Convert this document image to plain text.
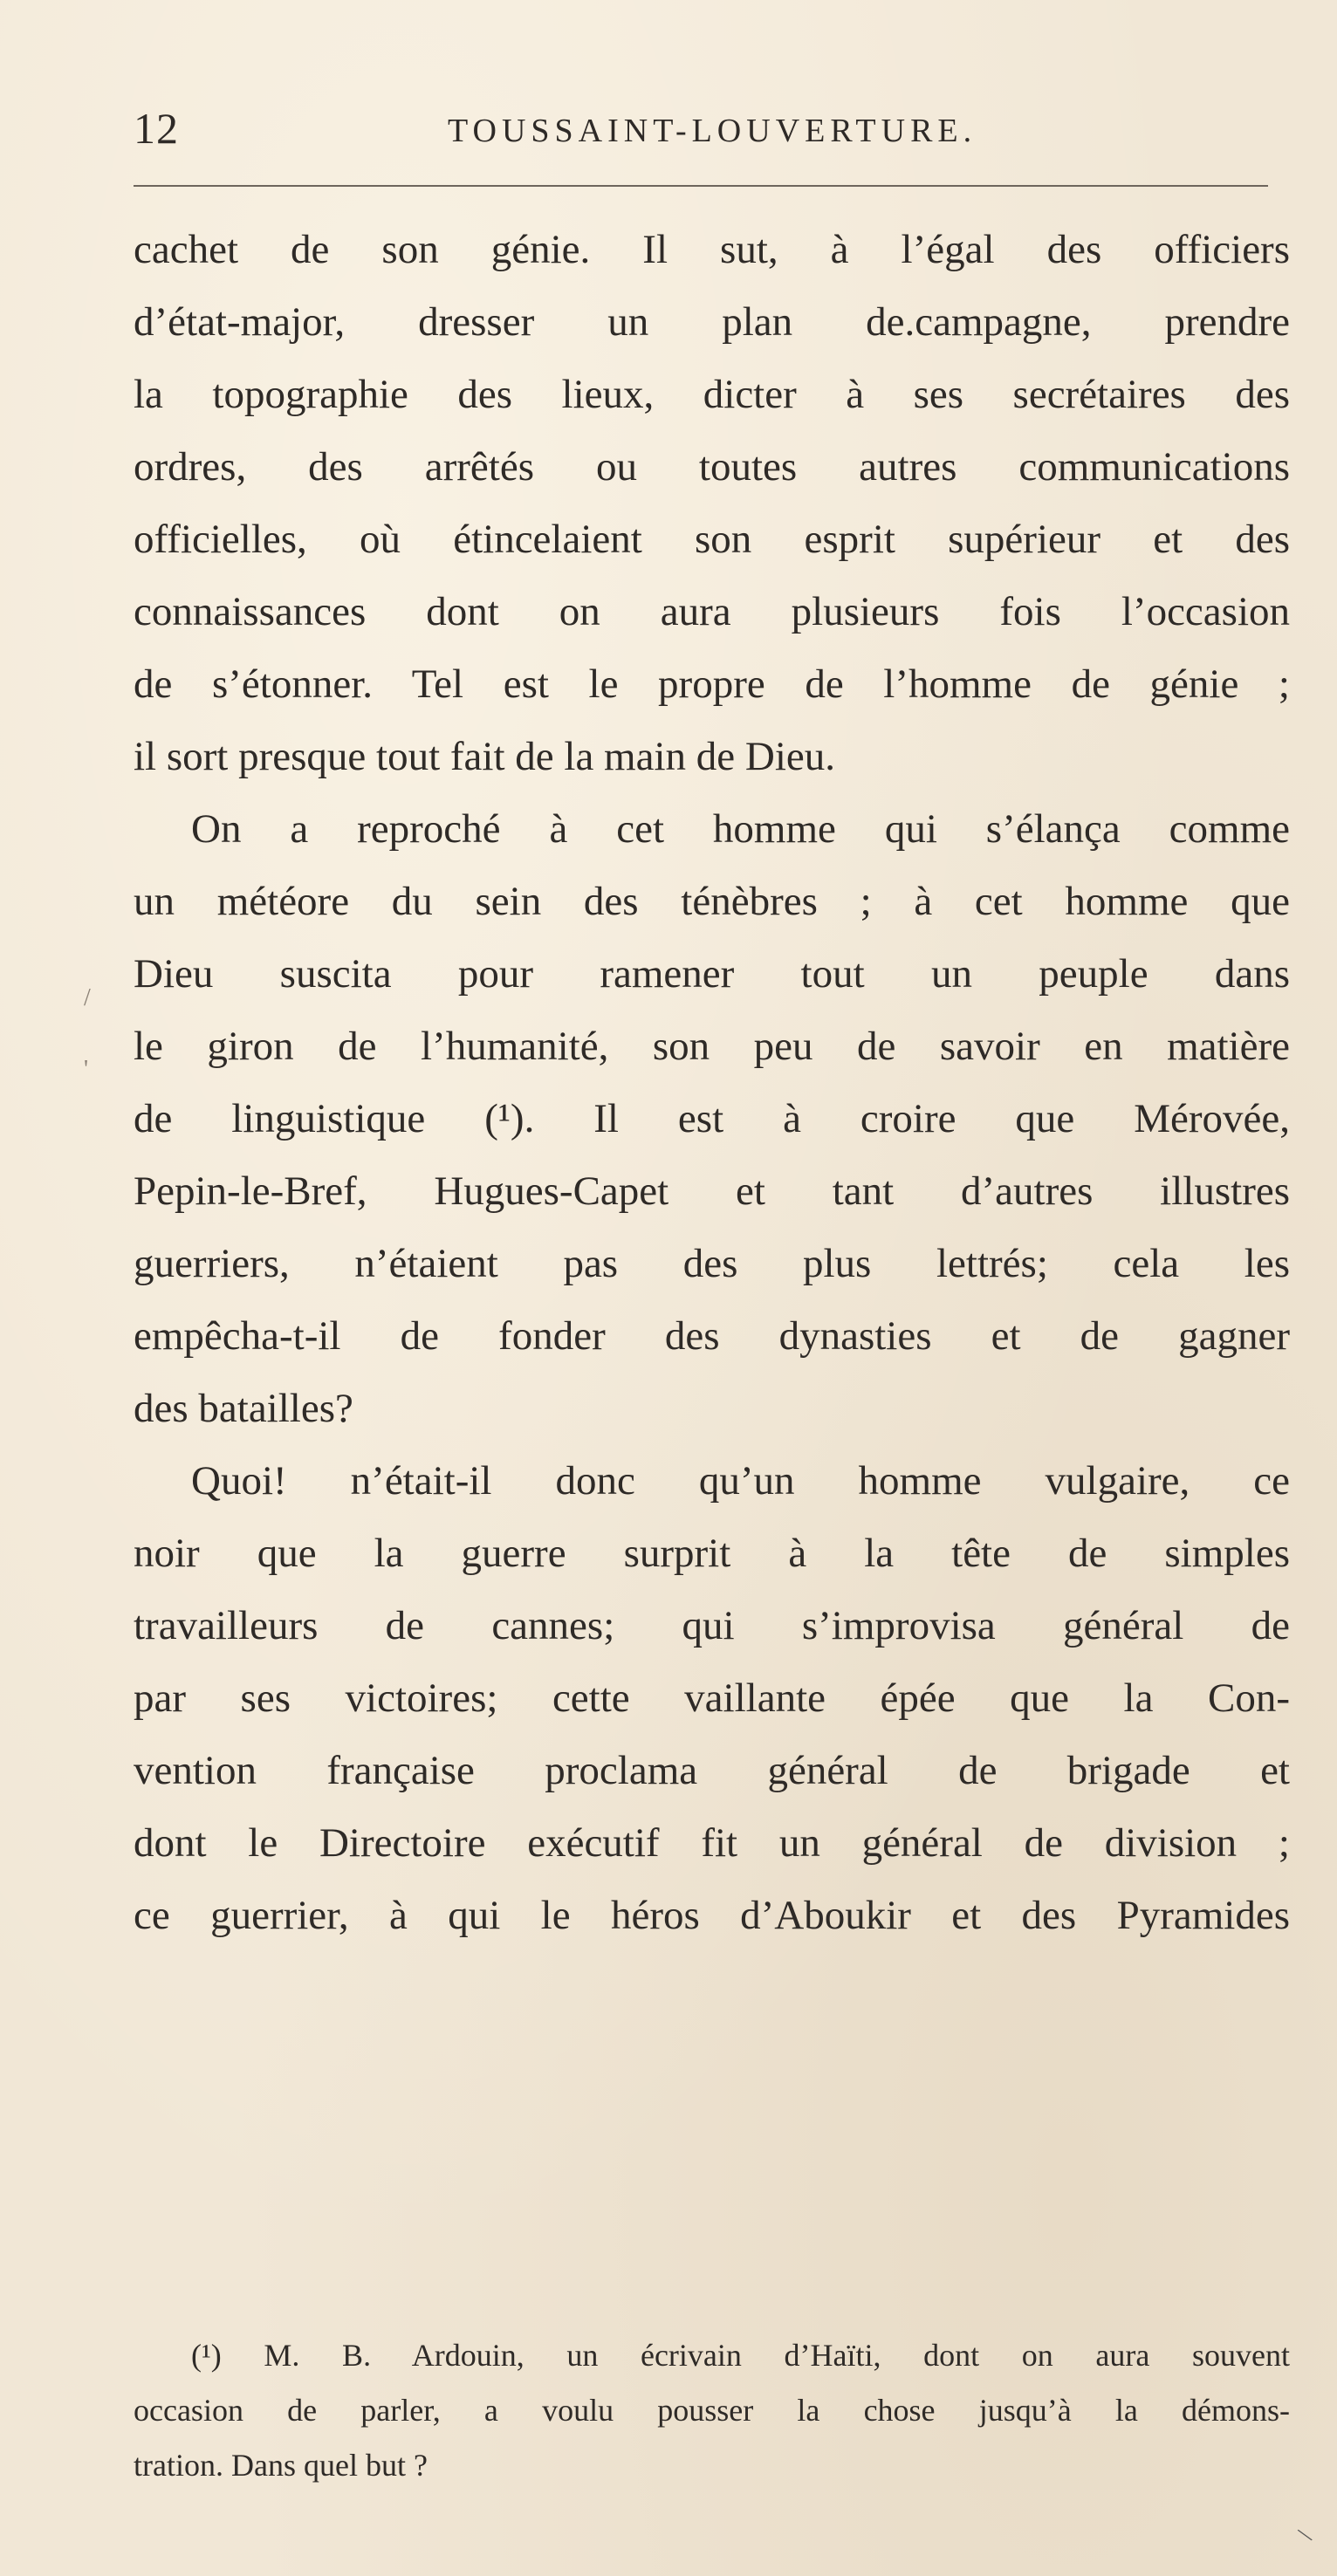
12	TOUSSAINT-LOUVERTURE.
cachet de son génie. Il sut, à l’égal des officiers
d’état-major, dresser un plan de.campagne, prendre
la topographie des lieux, dicter à ses secrétaires des
ordres, des arrêtés ou toutes autres communications
officielles, où étincelaient son esprit supérieur et des
connaissances dont on aura plusieurs fois l’occasion
de s’étonner. Tel est le propre de l’homme de génie ;
il sort presque tout fait de la main de Dieu.
On a reproché à cet homme qui s’élança comme
un météore du sein des ténèbres ; à cet homme que
Dieu suscita pour ramener tout un peuple dans
le giron de l’humanité, son peu de savoir en matière
de linguistique (¹). Il est à croire que Mérovée,
Pepin-le-Bref, Hugues-Capet et tant d’autres illustres
guerriers, n’étaient pas des plus lettrés; cela les
empêcha-t-il de fonder des dynasties et de gagner
des batailles?
Quoi! n’était-il donc qu’un homme vulgaire, ce
noir que la guerre surprit à la tête de simples
travailleurs de cannes; qui s’improvisa général de
par ses victoires; cette vaillante épée que la Con-
vention française proclama général de brigade et
dont le Directoire exécutif fit un général de division ;
ce guerrier, à qui le héros d’Aboukir et des Pyramides
(¹) M. B. Ardouin, un écrivain d’Haïti, dont on aura souvent
occasion de parler, a voulu pousser la chose jusqu’à la démons-
tration. Dans quel but ?
/
'
\
